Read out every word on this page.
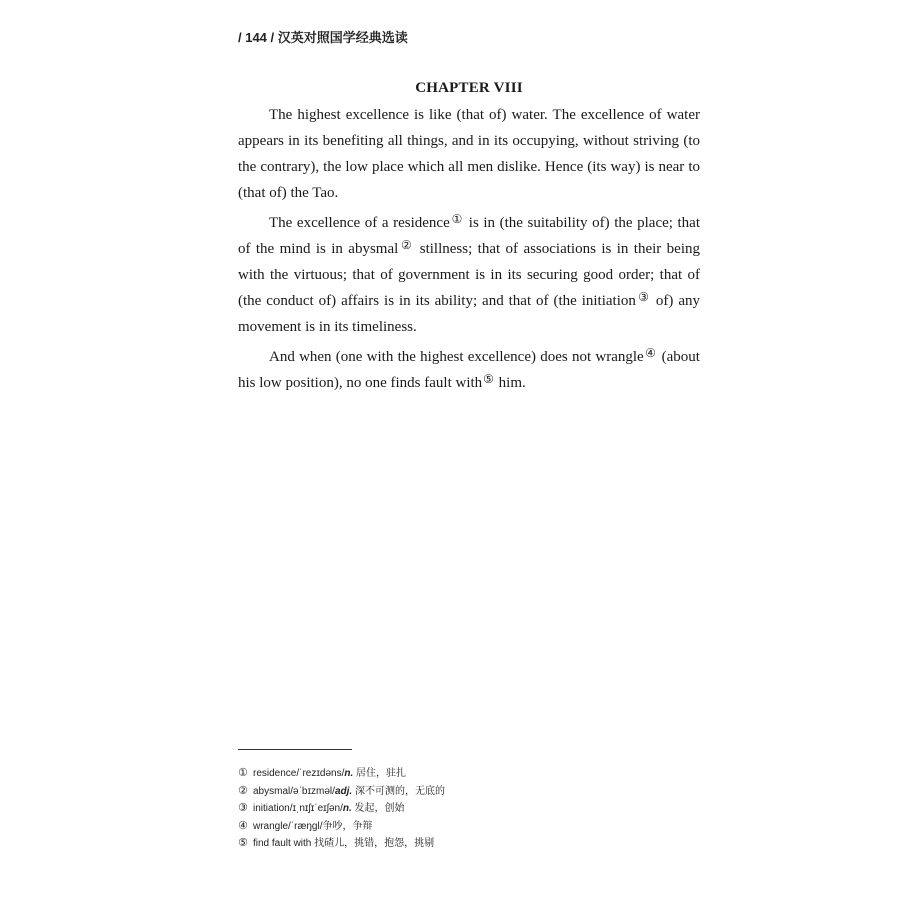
/ 144 / 汉英对照国学经典选读
CHAPTER VIII

The highest excellence is like (that of) water. The excellence of water appears in its benefiting all things, and in its occupying, without striving (to the contrary), the low place which all men dislike. Hence (its way) is near to (that of) the Tao.

The excellence of a residence① is in (the suitability of) the place; that of the mind is in abysmal② stillness; that of associations is in their being with the virtuous; that of government is in its securing good order; that of (the conduct of) affairs is in its ability; and that of (the initiation③ of) any movement is in its timeliness.

And when (one with the highest excellence) does not wrangle④ (about his low position), no one finds fault with⑤ him.

① residence/ˈrezɪdəns/n. 居住，驻扎
② abysmal/əˈbɪzməl/adj. 深不可测的，无底的
③ initiation/ɪˌnɪʃɪˈeɪʃən/n. 发起，创始
④ wrangle/ˈræŋgl/争吵，争辩
⑤ find fault with 找碴儿，挑错，抱怨，挑剔
